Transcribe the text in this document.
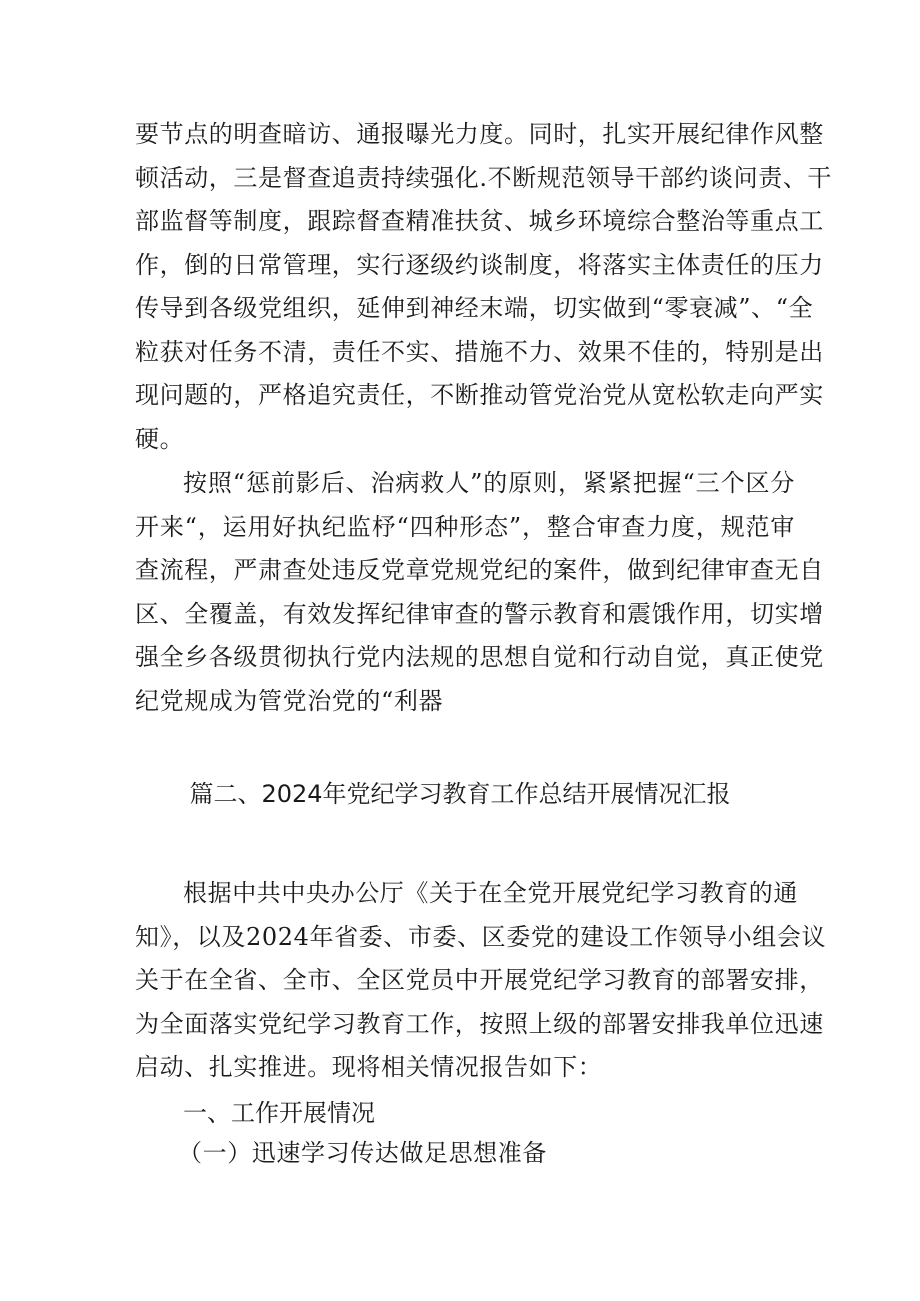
要节点的明查暗访、通报曝光力度。同时，扎实开展纪律作风整
顿活动，三是督查追责持续强化.不断规范领导干部约谈问责、干
部监督等制度，跟踪督查精准扶贫、城乡环境综合整治等重点工
作，倒的日常管理，实行逐级约谈制度，将落实主体责任的压力
传导到各级党组织，延伸到神经末端，切实做到“零衰减”、“全
粒获对任务不清，责任不实、措施不力、效果不佳的，特别是出
现问题的，严格追究责任，不断推动管党治党从宽松软走向严实
硬。
按照“惩前影后、治病救人”的原则，紧紧把握“三个区分
开来“，运用好执纪监杼“四种形态”，整合审查力度，规范审
查流程，严肃查处违反党章党规党纪的案件，做到纪律审查无自
区、全覆盖，有效发挥纪律审查的警示教育和震饿作用，切实增
强全乡各级贯彻执行党内法规的思想自觉和行动自觉，真正使党
纪党规成为管党治党的“利器
篇二、2024年党纪学习教育工作总结开展情况汇报
根据中共中央办公厅《关于在全党开展党纪学习教育的通
知》，以及2024年省委、市委、区委党的建设工作领导小组会议
关于在全省、全市、全区党员中开展党纪学习教育的部署安排，
为全面落实党纪学习教育工作，按照上级的部署安排我单位迅速
启动、扎实推进。现将相关情况报告如下：
一、工作开展情况
（一）迅速学习传达做足思想准备
